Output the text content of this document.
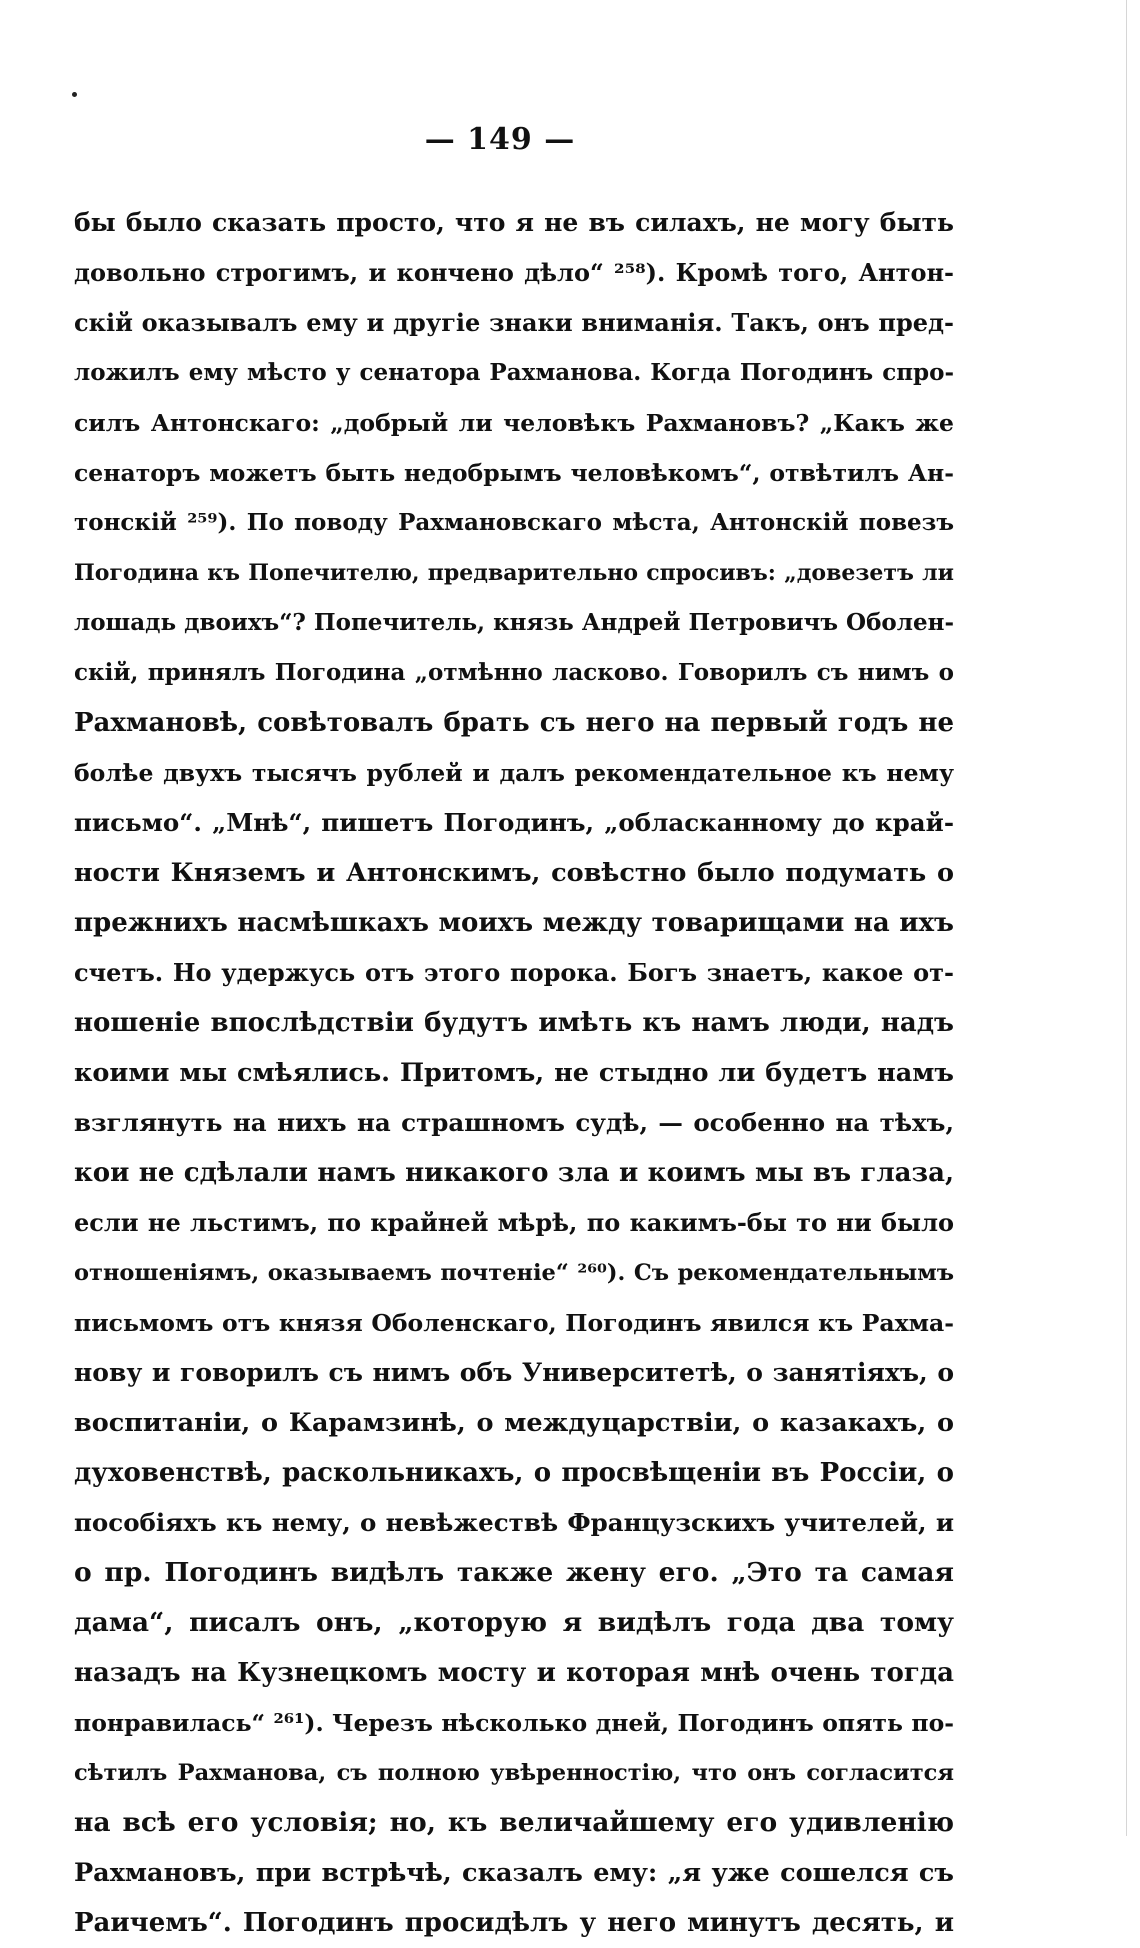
— 149 —
бы было сказать просто, что я не въ силахъ, не могу быть
довольно строгимъ, и кончено дѣло“ ²⁵⁸). Кромѣ того, Антон-
скій оказывалъ ему и другіе знаки вниманія. Такъ, онъ пред-
ложилъ ему мѣсто у сенатора Рахманова. Когда Погодинъ спро-
силъ Антонскаго: „добрый ли человѣкъ Рахмановъ? „Какъ же
сенаторъ можетъ быть недобрымъ человѣкомъ“, отвѣтилъ Ан-
тонскій ²⁵⁹). По поводу Рахмановскаго мѣста, Антонскій повезъ
Погодина къ Попечителю, предварительно спросивъ: „довезетъ ли
лошадь двоихъ“? Попечитель, князь Андрей Петровичъ Оболен-
скій, принялъ Погодина „отмѣнно ласково. Говорилъ съ нимъ о
Рахмановѣ, совѣтовалъ брать съ него на первый годъ не
болѣе двухъ тысячъ рублей и далъ рекомендательное къ нему
письмо“. „Мнѣ“, пишетъ Погодинъ, „обласканному до край-
ности Княземъ и Антонскимъ, совѣстно было подумать о
прежнихъ насмѣшкахъ моихъ между товарищами на ихъ
счетъ. Но удержусь отъ этого порока. Богъ знаетъ, какое от-
ношеніе впослѣдствіи будутъ имѣть къ намъ люди, надъ
коими мы смѣялись. Притомъ, не стыдно ли будетъ намъ
взглянуть на нихъ на страшномъ судѣ, — особенно на тѣхъ,
кои не сдѣлали намъ никакого зла и коимъ мы въ глаза,
если не льстимъ, по крайней мѣрѣ, по какимъ-бы то ни было
отношеніямъ, оказываемъ почтеніе“ ²⁶⁰). Съ рекомендательнымъ
письмомъ отъ князя Оболенскаго, Погодинъ явился къ Рахма-
нову и говорилъ съ нимъ объ Университетѣ, о занятіяхъ, о
воспитаніи, о Карамзинѣ, о междуцарствіи, о казакахъ, о
духовенствѣ, раскольникахъ, о просвѣщеніи въ Россіи, о
пособіяхъ къ нему, о невѣжествѣ Французскихъ учителей, и
о пр. Погодинъ видѣлъ также жену его. „Это та самая
дама“, писалъ онъ, „которую я видѣлъ года два тому
назадъ на Кузнецкомъ мосту и которая мнѣ очень тогда
понравилась“ ²⁶¹). Черезъ нѣсколько дней, Погодинъ опять по-
сѣтилъ Рахманова, съ полною увѣренностію, что онъ согласится
на всѣ его условія; но, къ величайшему его удивленію
Рахмановъ, при встрѣчѣ, сказалъ ему: „я уже сошелся съ
Раичемъ“. Погодинъ просидѣлъ у него минутъ десять, и
